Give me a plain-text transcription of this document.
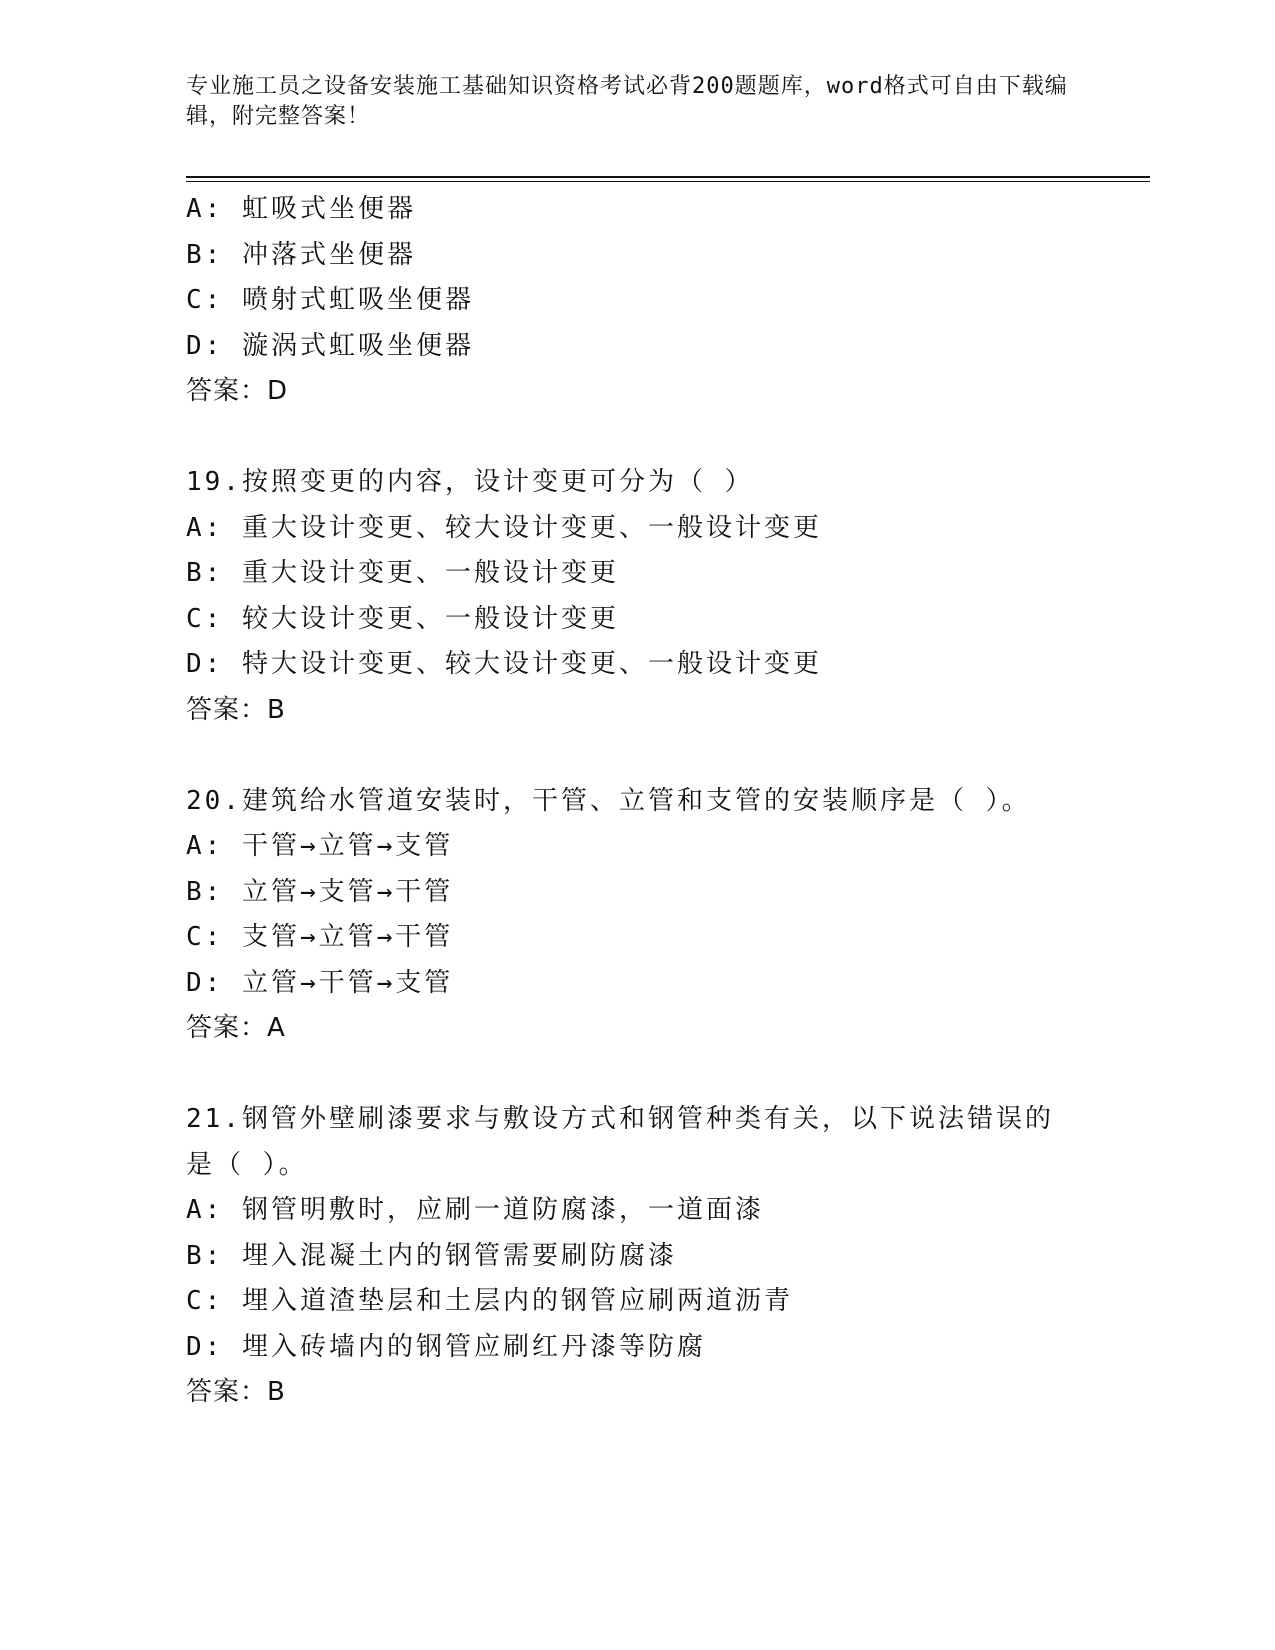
专业施工员之设备安装施工基础知识资格考试必背200题题库，word格式可自由下载编辑，附完整答案！
A: 虹吸式坐便器
B: 冲落式坐便器
C: 喷射式虹吸坐便器
D: 漩涡式虹吸坐便器
答案：D
19.按照变更的内容，设计变更可分为（ ）
A: 重大设计变更、较大设计变更、一般设计变更
B: 重大设计变更、一般设计变更
C: 较大设计变更、一般设计变更
D: 特大设计变更、较大设计变更、一般设计变更
答案：B
20.建筑给水管道安装时，干管、立管和支管的安装顺序是（ ）。
A: 干管→立管→支管
B: 立管→支管→干管
C: 支管→立管→干管
D: 立管→干管→支管
答案：A
21.钢管外壁刷漆要求与敷设方式和钢管种类有关，以下说法错误的是（ ）。
A: 钢管明敷时，应刷一道防腐漆，一道面漆
B: 埋入混凝土内的钢管需要刷防腐漆
C: 埋入道渣垫层和土层内的钢管应刷两道沥青
D: 埋入砖墙内的钢管应刷红丹漆等防腐
答案：B
